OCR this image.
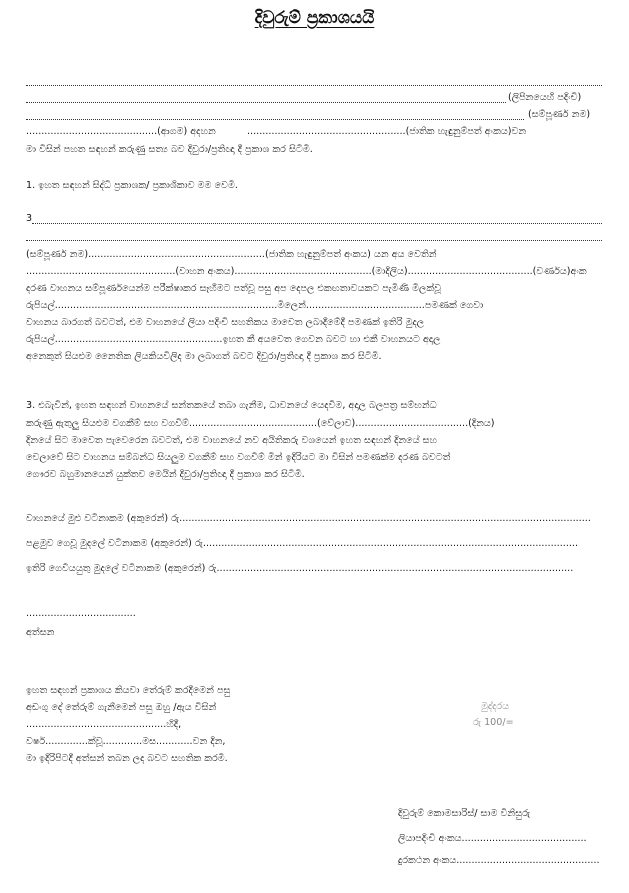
දිවුරුම් ප්‍රකාශයයි
(ලිපිනයෙහි පදිංචි)
(සම්පූර්ණ නම)
...........................................(ආගම) අදහන	....................................................(ජාතික හැඳුනුම්පත් අංකය)වන
මා විසින් පහත සඳහන් කරුණු සත්‍ය බව දිවුරා/ප්‍රතිඥා දී ප්‍රකාශ කර සිටිමි.
1. ඉහත සඳහන් සිද්ධි ප්‍රකාශක/ ප්‍රකාශිකාව මම වෙමි.
3
(සම්පූර්ණ නම)..........................................................(ජාතික හැඳුනුම්පත් අංකය) යන අය වෙතින්
.................................................(වාහන අංකය).............................................(මාදිලිය).........................................(වර්ණය)අංක
දරණ වාහනය සම්පූර්ණයෙන්ම පරීක්ෂාකර සෑහීමට පත්වූ පසු අප දෙපල එකඟතාවයකට පැමිණි මිලක්වූ
රුපියල්.........................................................................මිලෙන්.......................................පමණක් ගෙවා
වාහනය බාරගත් බවටත්, එම වාහනයේ ලියා පදිංචි සහතිකය මාවෙත ලබාදීමේදී පමණක් ඉතිරි මුදල
රුපියල්.......................................................ඉහත කී අයවෙත ගෙවන බවට හා එකී වාහනයට අදාල
අනෙකුත් සියළුම නෛතික ලියකියවිලිද මා ලබාගත් බවට දිවුරා/ප්‍රතිඥා දී ප්‍රකාශ කර සිටිමි.
3. එබැවින්, ඉහත සඳහන් වාහනයේ සන්තකයේ තබා ගැනීම, ධාවනයේ යෙදවීම, අදාල බලපත්‍ර සම්භන්ධ
කරුණු ඇතුලු සියළුම වගකීම් සහ වගවීම්..........................................(වේලාව).....................................(දිනය)
දිනයේ සිට මාවෙත පැවෙරෙන බවටත්, එම වාහනයේ නව අයිතිකරු වශයෙන් ඉහත සඳහන් දිනයේ සහ
වෙලාවේ සිට වාහනය සම්බන්ධ සියලුම වගකීම් සහ වගවීම් මින් ඉදිරියට මා විසින් පමණක්ම දරණ බවටත්
ගෞරව බහුමානයෙන් යුක්තව මෙයින් දිවුරා/ප්‍රතිඥා දී ප්‍රකාශ කර සිටිමි.
වාහනයේ මුළු වටිනාකම (අකුරෙන්) රු.......................................................................................................................................
පළමුව ගෙවූ මුදලේ වටිනාකම (අකුරෙන්) රු...........................................................................................................................
ඉතිරි ගෙවියයුතු මුදලේ වටිනාකම (අකුරෙන්) රු.....................................................................................................................
....................................
අත්සන
ඉහත සඳහන් ප්‍රකාශය කියවා තේරුම් කරදීමෙන් පසු
අඩංගු දේ තේරුම් ගැනීමෙන් පසු ඔහු /ඇය විසින්
..............................................හිදී,
වර්ෂ..............ක්වූ.............මස............වන දින,
මා ඉදිරිපිටදී අත්සන් තබන ලද බවට සහතික කරමි.
මුද්දරය
රු 100/=
දිවුරුම් කොමසාරිස්/ සාම විනිසුරු
ලියාපදිංචි අංකය.........................................
දුරකථන අංකය...............................................
